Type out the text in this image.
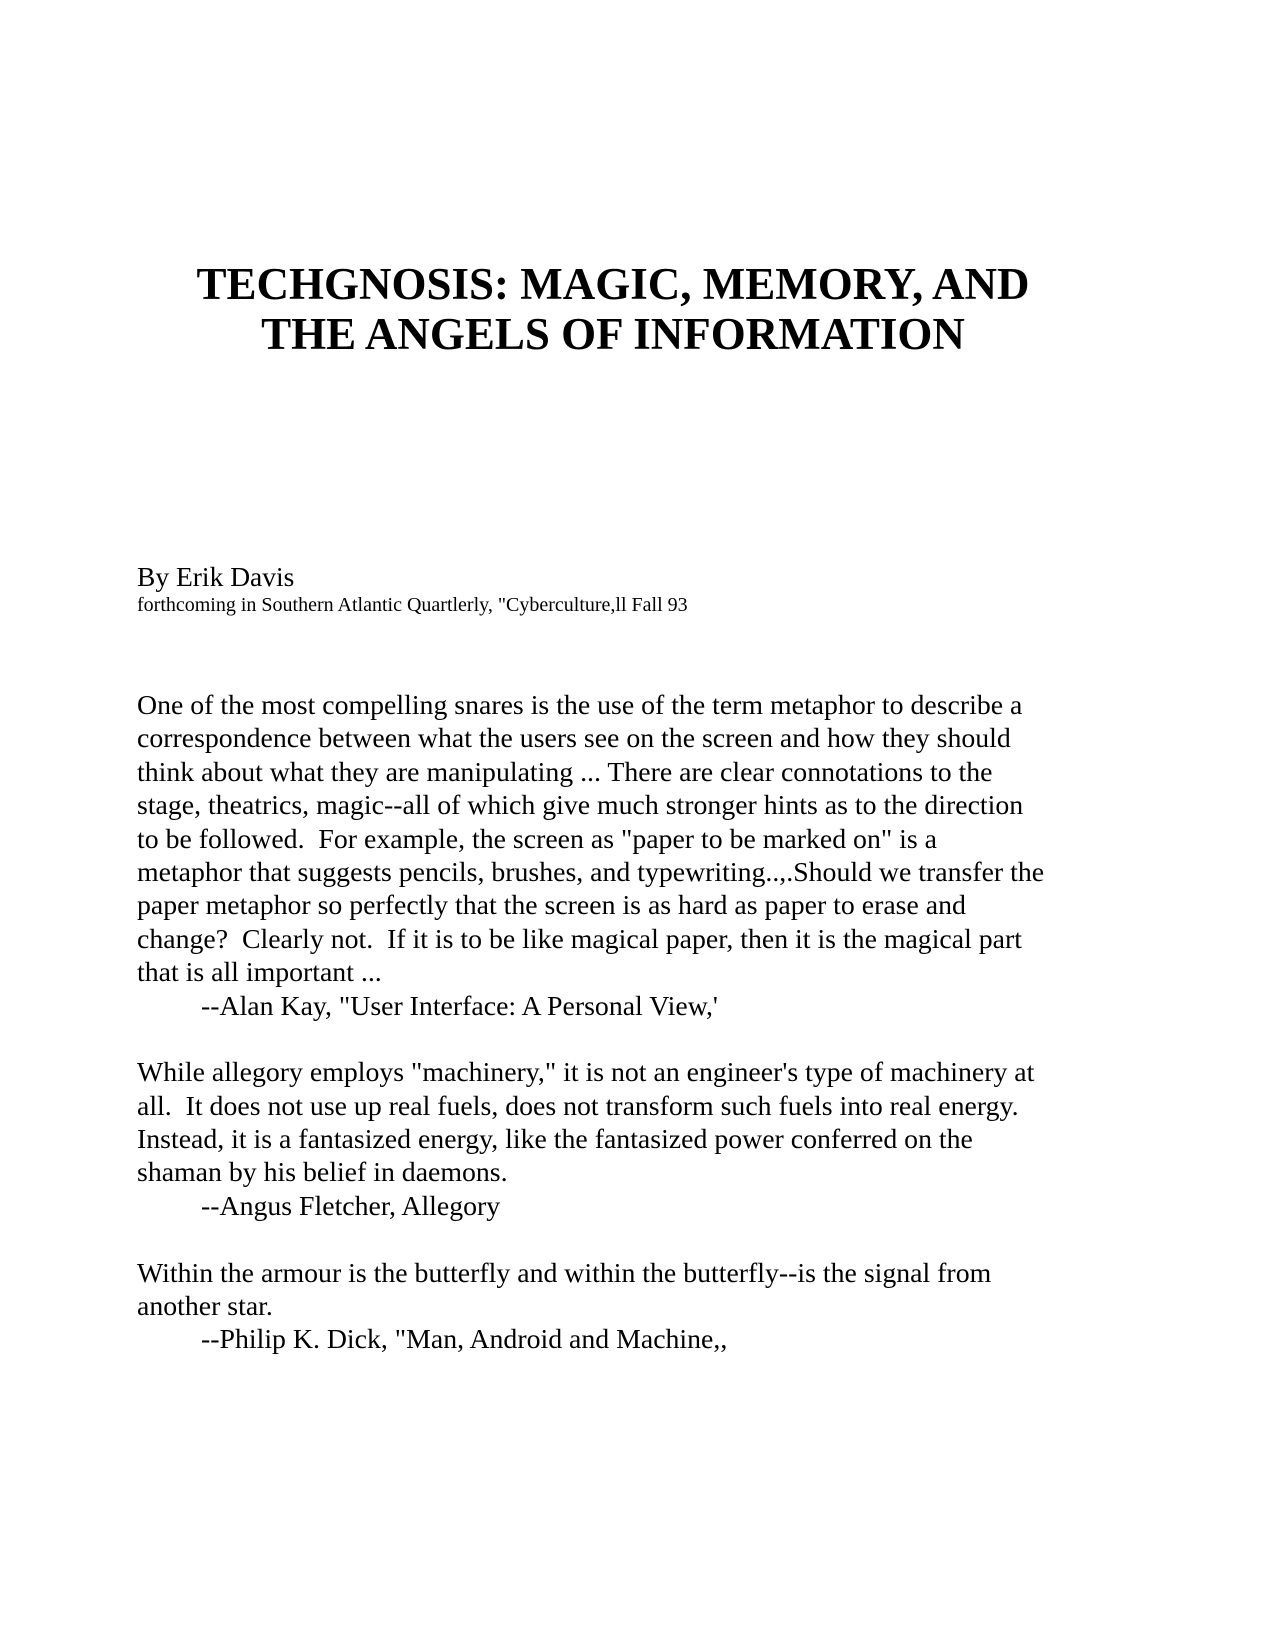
TECHGNOSIS: MAGIC, MEMORY, AND
THE ANGELS OF INFORMATION
By Erik Davis
forthcoming in Southern Atlantic Quartlerly, "Cyberculture,ll Fall 93
One of the most compelling snares is the use of the term metaphor to describe a
correspondence between what the users see on the screen and how they should
think about what they are manipulating ... There are clear connotations to the
stage, theatrics, magic--all of which give much stronger hints as to the direction
to be followed.  For example, the screen as "paper to be marked on" is a
metaphor that suggests pencils, brushes, and typewriting..,.Should we transfer the
paper metaphor so perfectly that the screen is as hard as paper to erase and
change?  Clearly not.  If it is to be like magical paper, then it is the magical part
that is all important ...
--Alan Kay, "User Interface: A Personal View,'
While allegory employs "machinery," it is not an engineer's type of machinery at
all.  It does not use up real fuels, does not transform such fuels into real energy.
Instead, it is a fantasized energy, like the fantasized power conferred on the
shaman by his belief in daemons.
--Angus Fletcher, Allegory
Within the armour is the butterfly and within the butterfly--is the signal from
another star.
--Philip K. Dick, "Man, Android and Machine,,
